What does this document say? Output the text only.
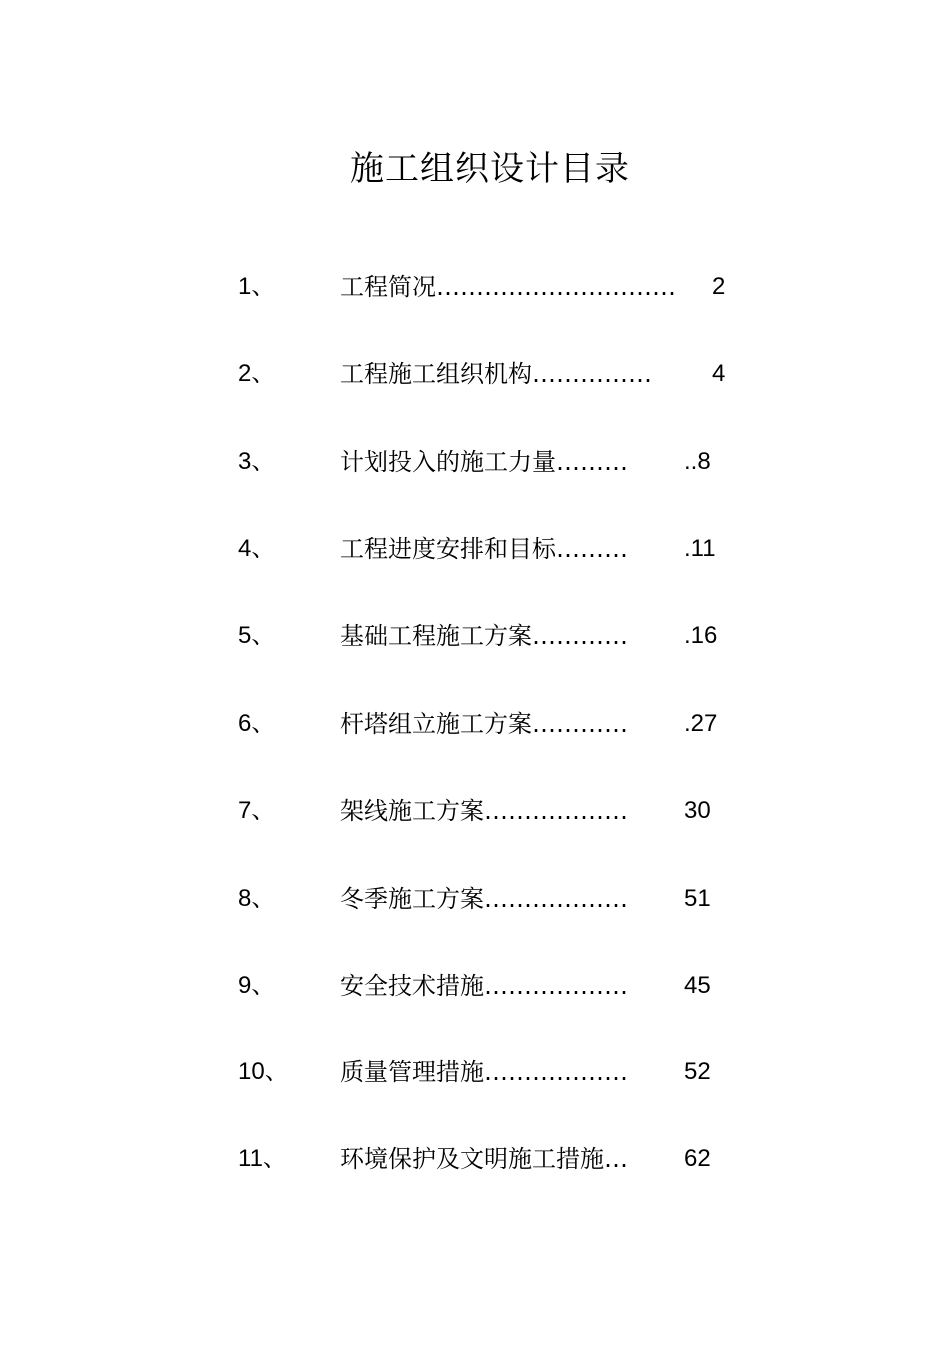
施工组织设计目录
1、	工程简况………………………… 2
2、	工程施工组织机构……………	4
3、	计划投入的施工力量……… ..8
4、	工程进度安排和目标……… .11
5、	基础工程施工方案………… .16
6、	杆塔组立施工方案………… .27
7、	架线施工方案……………… 30
8、	冬季施工方案……………… 51
9、	安全技术措施……………… 45
10、 质量管理措施……………… 52
11、 环境保护及文明施工措施… 62
